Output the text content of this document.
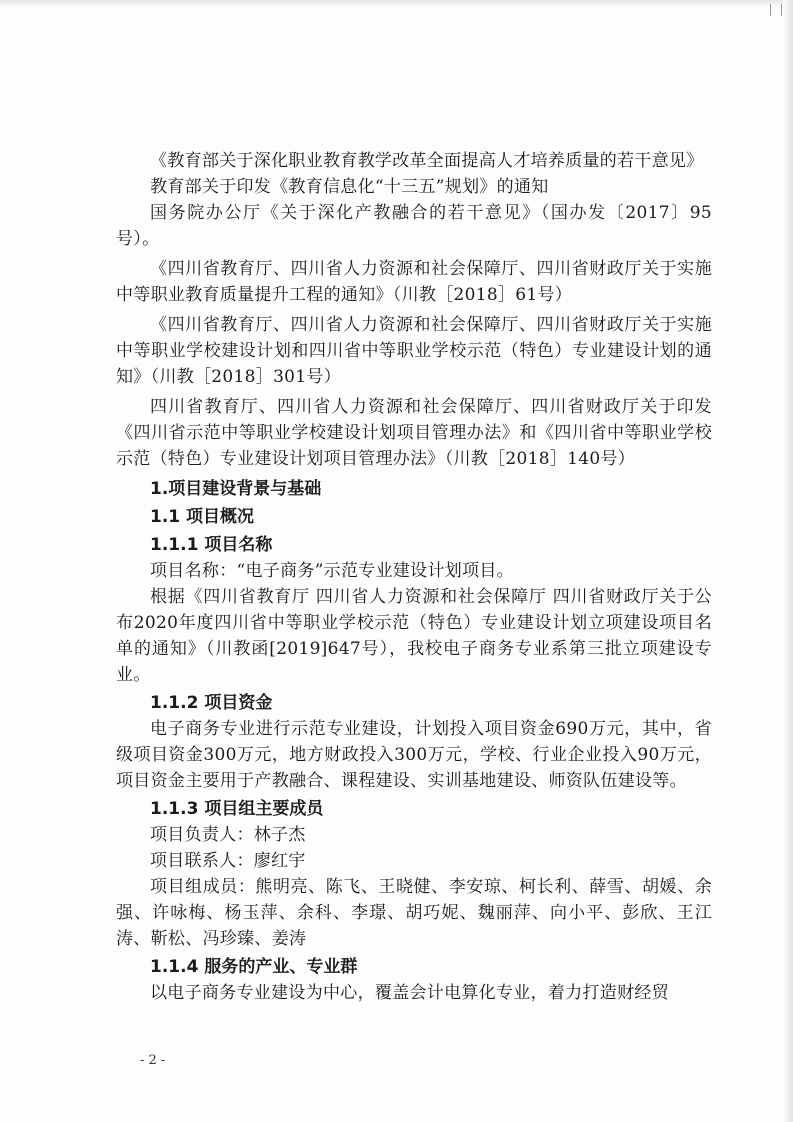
《教育部关于深化职业教育教学改革全面提高人才培养质量的若干意见》

教育部关于印发《教育信息化“十三五”规划》的通知

国务院办公厅《关于深化产教融合的若干意见》（国办发〔2017〕95号）。

《四川省教育厅、四川省人力资源和社会保障厅、四川省财政厅关于实施中等职业教育质量提升工程的通知》（川教［2018］61号）

《四川省教育厅、四川省人力资源和社会保障厅、四川省财政厅关于实施中等职业学校建设计划和四川省中等职业学校示范（特色）专业建设计划的通知》（川教［2018］301号）

四川省教育厅、四川省人力资源和社会保障厅、四川省财政厅关于印发《四川省示范中等职业学校建设计划项目管理办法》和《四川省中等职业学校示范（特色）专业建设计划项目管理办法》（川教［2018］140号）

1.项目建设背景与基础

1.1 项目概况

1.1.1 项目名称

项目名称：“电子商务”示范专业建设计划项目。

根据《四川省教育厅 四川省人力资源和社会保障厅 四川省财政厅关于公布2020年度四川省中等职业学校示范（特色）专业建设计划立项建设项目名单的通知》（川教函[2019]647号），我校电子商务专业系第三批立项建设专业。

1.1.2 项目资金

电子商务专业进行示范专业建设，计划投入项目资金690万元，其中，省级项目资金300万元，地方财政投入300万元，学校、行业企业投入90万元，项目资金主要用于产教融合、课程建设、实训基地建设、师资队伍建设等。

1.1.3 项目组主要成员

项目负责人：林子杰

项目联系人：廖红宇

项目组成员：熊明亮、陈飞、王晓健、李安琼、柯长利、薛雪、胡媛、余强、许咏梅、杨玉萍、余科、李璟、胡巧妮、魏丽萍、向小平、彭欣、王江涛、靳松、冯珍臻、姜涛

1.1.4 服务的产业、专业群

以电子商务专业建设为中心，覆盖会计电算化专业，着力打造财经贸

- 2 -
